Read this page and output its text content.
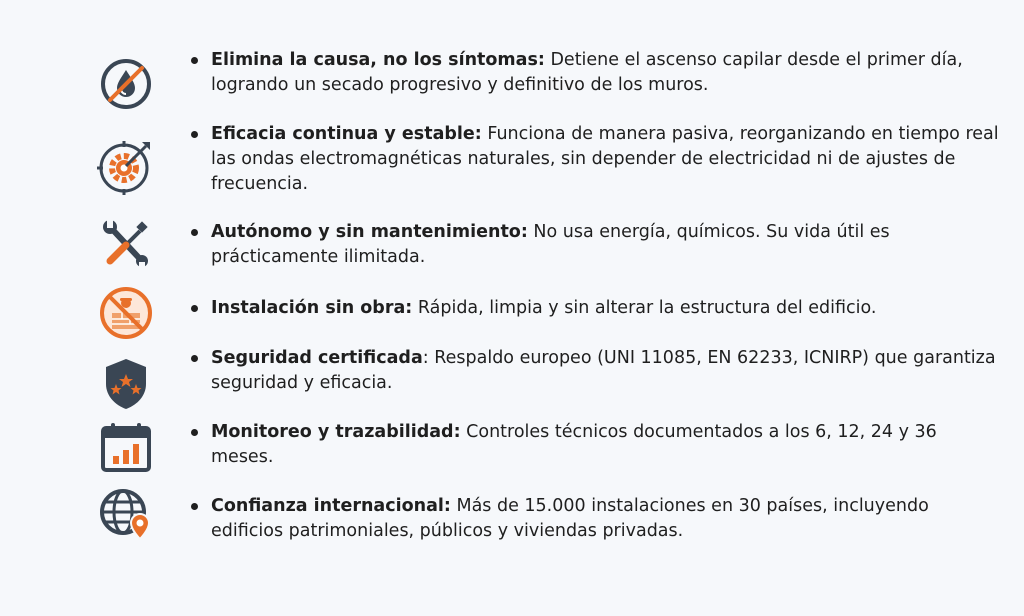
Elimina la causa, no los síntomas: Detiene el ascenso capilar desde el primer día, logrando un secado progresivo y definitivo de los muros.
Eficacia continua y estable: Funciona de manera pasiva, reorganizando en tiempo real las ondas electromagnéticas naturales, sin depender de electricidad ni de ajustes de frecuencia.
Autónomo y sin mantenimiento: No usa energía, químicos. Su vida útil es prácticamente ilimitada.
Instalación sin obra: Rápida, limpia y sin alterar la estructura del edificio.
Seguridad certificada: Respaldo europeo (UNI 11085, EN 62233, ICNIRP) que garantiza seguridad y eficacia.
Monitoreo y trazabilidad: Controles técnicos documentados a los 6, 12, 24 y 36 meses.
Confianza internacional: Más de 15.000 instalaciones en 30 países, incluyendo edificios patrimoniales, públicos y viviendas privadas.
